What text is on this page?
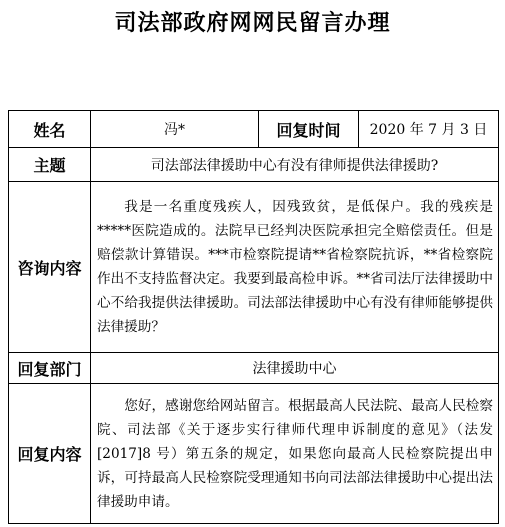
司法部政府网网民留言办理
姓名	冯*	回复时间	2020 年 7 月 3 日
主题	司法部法律援助中心有没有律师提供法律援助?		
咨询内容	我是一名重度残疾人，因残致贫，是低保户。我的残疾是*****医院造成的。法院早已经判决医院承担完全赔偿责任。但是赔偿款计算错误。***市检察院提请**省检察院抗诉，**省检察院作出不支持监督决定。我要到最高检申诉。**省司法厅法律援助中心不给我提供法律援助。司法部法律援助中心有没有律师能够提供法律援助？		
回复部门	法律援助中心		
回复内容	您好，感谢您给网站留言。根据最高人民法院、最高人民检察院、司法部《关于逐步实行律师代理申诉制度的意见》（法发[2017]8 号）第五条的规定，如果您向最高人民检察院提出申诉，可持最高人民检察院受理通知书向司法部法律援助中心提出法律援助申请。		
